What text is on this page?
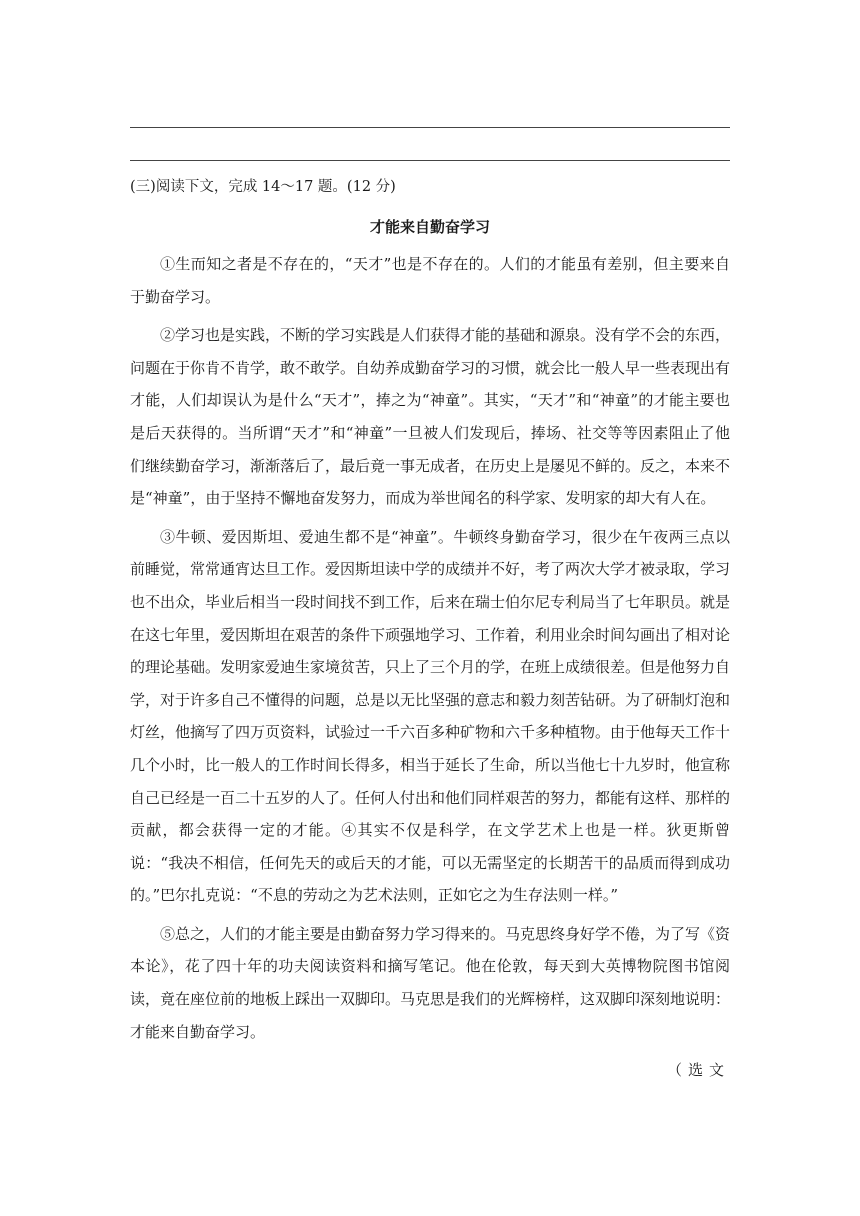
(三)阅读下文，完成 14～17 题。(12 分)

才能来自勤奋学习

①生而知之者是不存在的，“天才”也是不存在的。人们的才能虽有差别，但主要来自于勤奋学习。

②学习也是实践，不断的学习实践是人们获得才能的基础和源泉。没有学不会的东西，问题在于你肯不肯学，敢不敢学。自幼养成勤奋学习的习惯，就会比一般人早一些表现出有才能，人们却误认为是什么“天才”，捧之为“神童”。其实，“天才”和“神童”的才能主要也是后天获得的。当所谓“天才”和“神童”一旦被人们发现后，捧场、社交等等因素阻止了他们继续勤奋学习，渐渐落后了，最后竟一事无成者，在历史上是屡见不鲜的。反之，本来不是“神童”，由于坚持不懈地奋发努力，而成为举世闻名的科学家、发明家的却大有人在。

③牛顿、爱因斯坦、爱迪生都不是“神童”。牛顿终身勤奋学习，很少在午夜两三点以前睡觉，常常通宵达旦工作。爱因斯坦读中学的成绩并不好，考了两次大学才被录取，学习也不出众，毕业后相当一段时间找不到工作，后来在瑞士伯尔尼专利局当了七年职员。就是在这七年里，爱因斯坦在艰苦的条件下顽强地学习、工作着，利用业余时间勾画出了相对论的理论基础。发明家爱迪生家境贫苦，只上了三个月的学，在班上成绩很差。但是他努力自学，对于许多自己不懂得的问题，总是以无比坚强的意志和毅力刻苦钻研。为了研制灯泡和灯丝，他摘写了四万页资料，试验过一千六百多种矿物和六千多种植物。由于他每天工作十几个小时，比一般人的工作时间长得多，相当于延长了生命，所以当他七十九岁时，他宣称自己已经是一百二十五岁的人了。任何人付出和他们同样艰苦的努力，都能有这样、那样的贡献，都会获得一定的才能。④其实不仅是科学，在文学艺术上也是一样。狄更斯曾说：“我决不相信，任何先天的或后天的才能，可以无需坚定的长期苦干的品质而得到成功的。”巴尔扎克说：“不息的劳动之为艺术法则，正如它之为生存法则一样。”

⑤总之，人们的才能主要是由勤奋努力学习得来的。马克思终身好学不倦，为了写《资本论》，花了四十年的功夫阅读资料和摘写笔记。他在伦敦，每天到大英博物院图书馆阅读，竟在座位前的地板上踩出一双脚印。马克思是我们的光辉榜样，这双脚印深刻地说明：才能来自勤奋学习。

（选文
